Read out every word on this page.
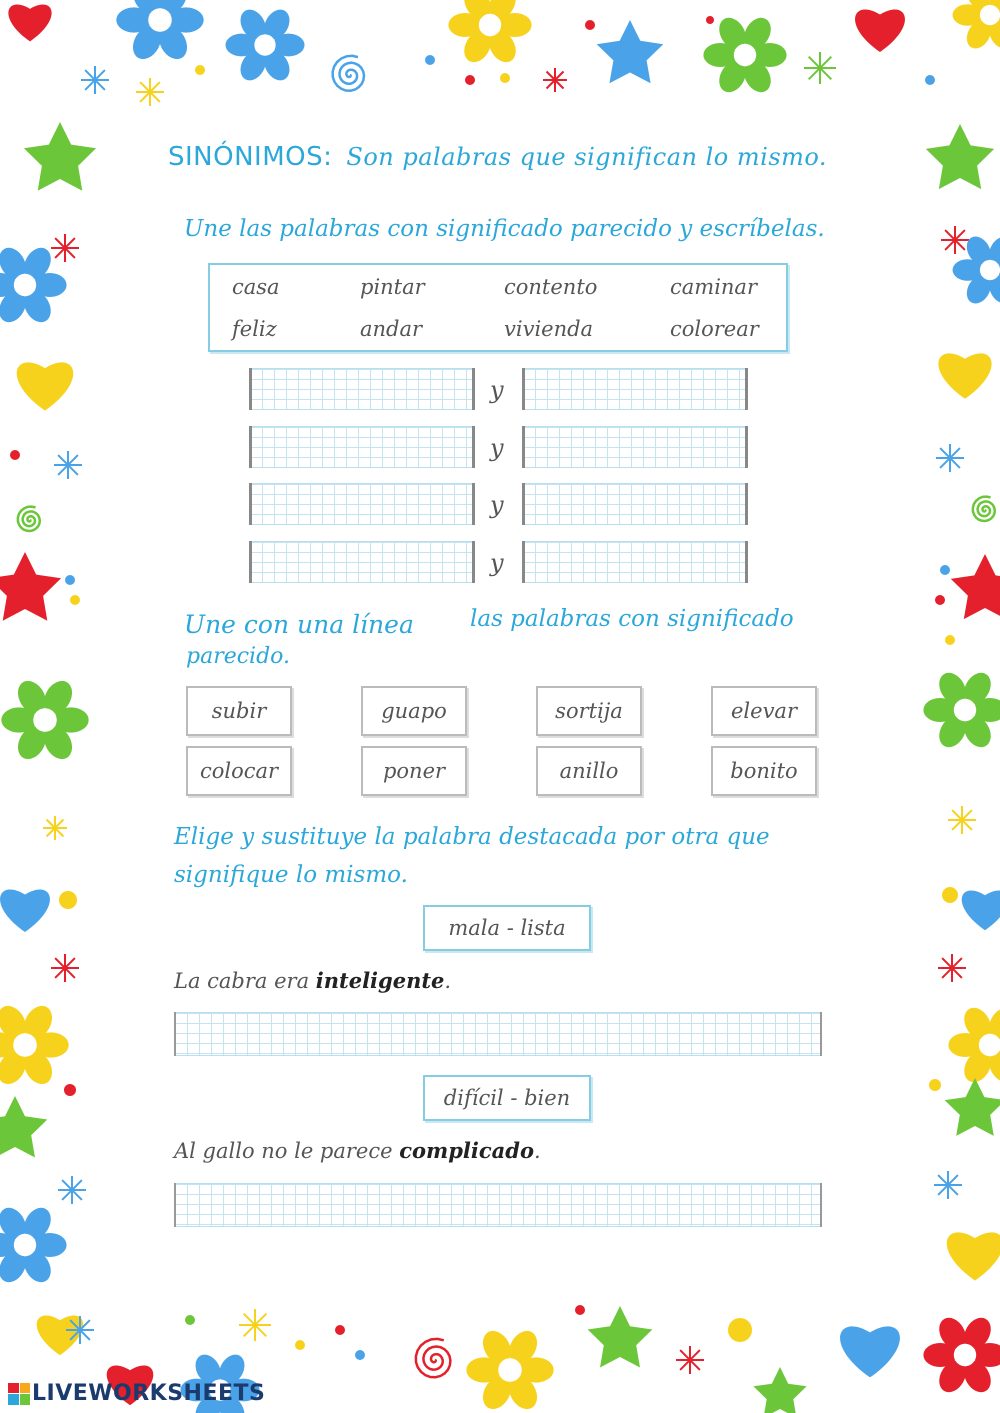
SINÓNIMOS: Son palabras que significan lo mismo.
Une las palabras con significado parecido y escríbelas.
casa	pintar	contento	caminar
feliz	andar	vivienda	colorear
y
y
y
y
Une con una línea las palabras con significado
parecido.
subir	guapo	sortija	elevar
colocar	poner	anillo	bonito
Elige y sustituye la palabra destacada por otra que
signifique lo mismo.
mala - lista
La cabra era inteligente.
difícil - bien
Al gallo no le parece complicado.
LIVEWORKSHEETS
